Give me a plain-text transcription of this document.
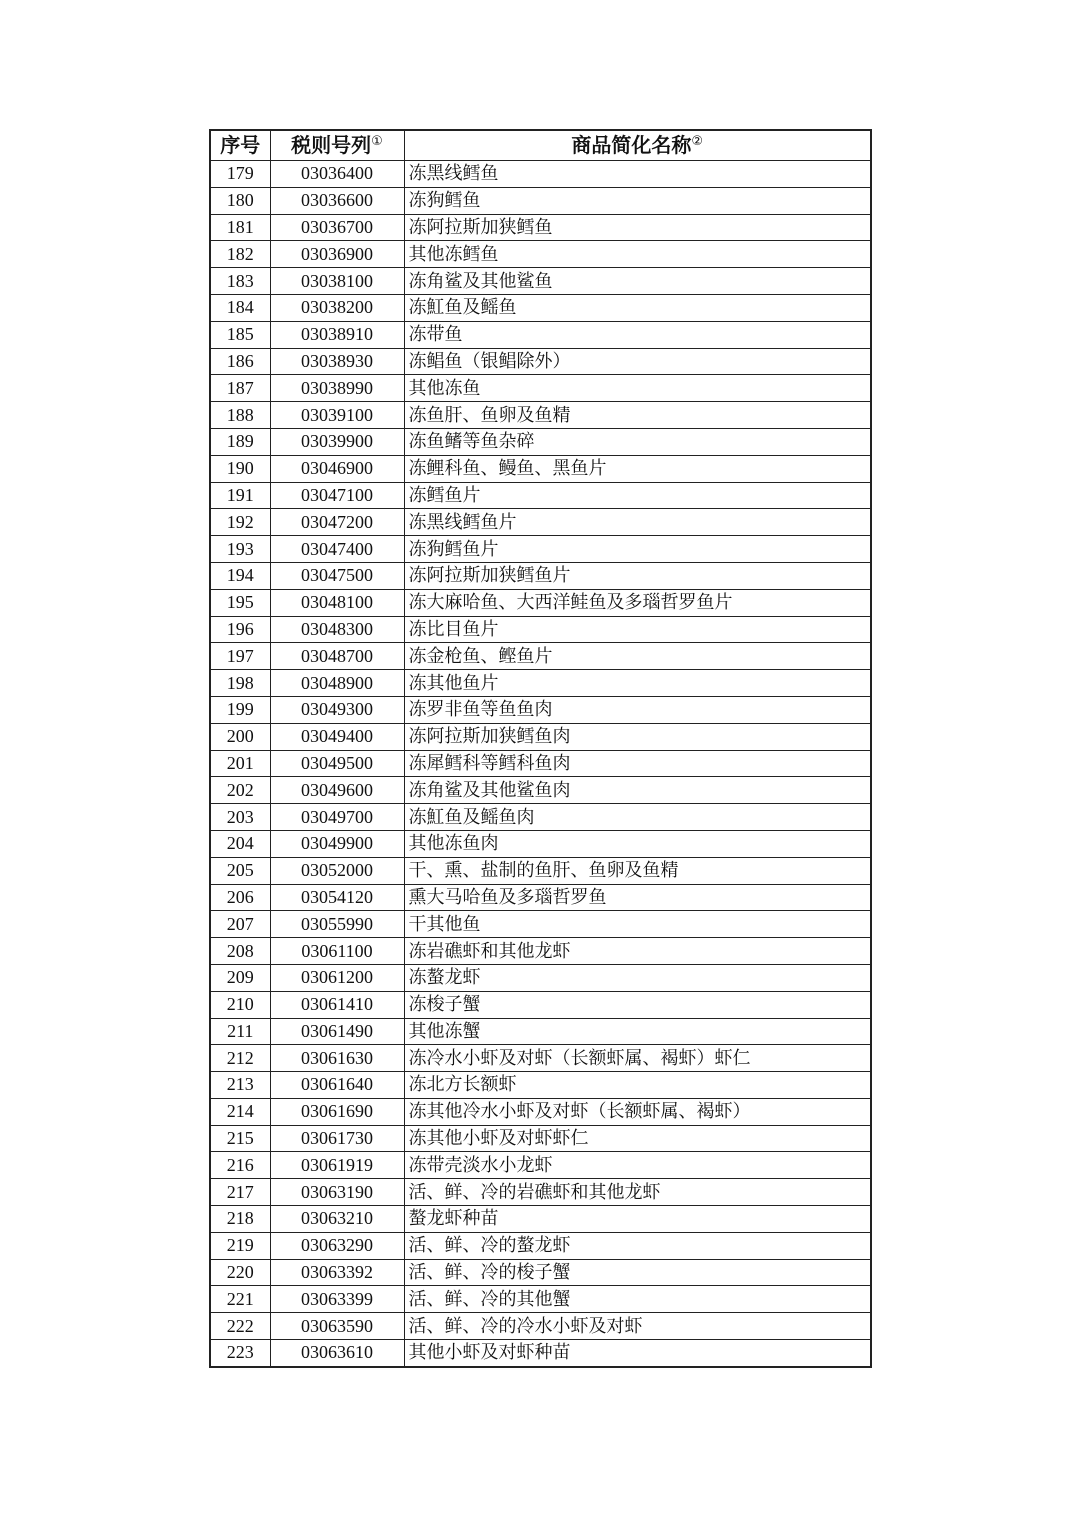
序号	税则号列①	商品简化名称②
179	03036400	冻黑线鳕鱼
180	03036600	冻狗鳕鱼
181	03036700	冻阿拉斯加狭鳕鱼
182	03036900	其他冻鳕鱼
183	03038100	冻角鲨及其他鲨鱼
184	03038200	冻魟鱼及鳐鱼
185	03038910	冻带鱼
186	03038930	冻鲳鱼（银鲳除外）
187	03038990	其他冻鱼
188	03039100	冻鱼肝、鱼卵及鱼精
189	03039900	冻鱼鳍等鱼杂碎
190	03046900	冻鲤科鱼、鳗鱼、黑鱼片
191	03047100	冻鳕鱼片
192	03047200	冻黑线鳕鱼片
193	03047400	冻狗鳕鱼片
194	03047500	冻阿拉斯加狭鳕鱼片
195	03048100	冻大麻哈鱼、大西洋鲑鱼及多瑙哲罗鱼片
196	03048300	冻比目鱼片
197	03048700	冻金枪鱼、鲣鱼片
198	03048900	冻其他鱼片
199	03049300	冻罗非鱼等鱼鱼肉
200	03049400	冻阿拉斯加狭鳕鱼肉
201	03049500	冻犀鳕科等鳕科鱼肉
202	03049600	冻角鲨及其他鲨鱼肉
203	03049700	冻魟鱼及鳐鱼肉
204	03049900	其他冻鱼肉
205	03052000	干、熏、盐制的鱼肝、鱼卵及鱼精
206	03054120	熏大马哈鱼及多瑙哲罗鱼
207	03055990	干其他鱼
208	03061100	冻岩礁虾和其他龙虾
209	03061200	冻螯龙虾
210	03061410	冻梭子蟹
211	03061490	其他冻蟹
212	03061630	冻冷水小虾及对虾（长额虾属、褐虾）虾仁
213	03061640	冻北方长额虾
214	03061690	冻其他冷水小虾及对虾（长额虾属、褐虾）
215	03061730	冻其他小虾及对虾虾仁
216	03061919	冻带壳淡水小龙虾
217	03063190	活、鲜、冷的岩礁虾和其他龙虾
218	03063210	螯龙虾种苗
219	03063290	活、鲜、冷的螯龙虾
220	03063392	活、鲜、冷的梭子蟹
221	03063399	活、鲜、冷的其他蟹
222	03063590	活、鲜、冷的冷水小虾及对虾
223	03063610	其他小虾及对虾种苗
